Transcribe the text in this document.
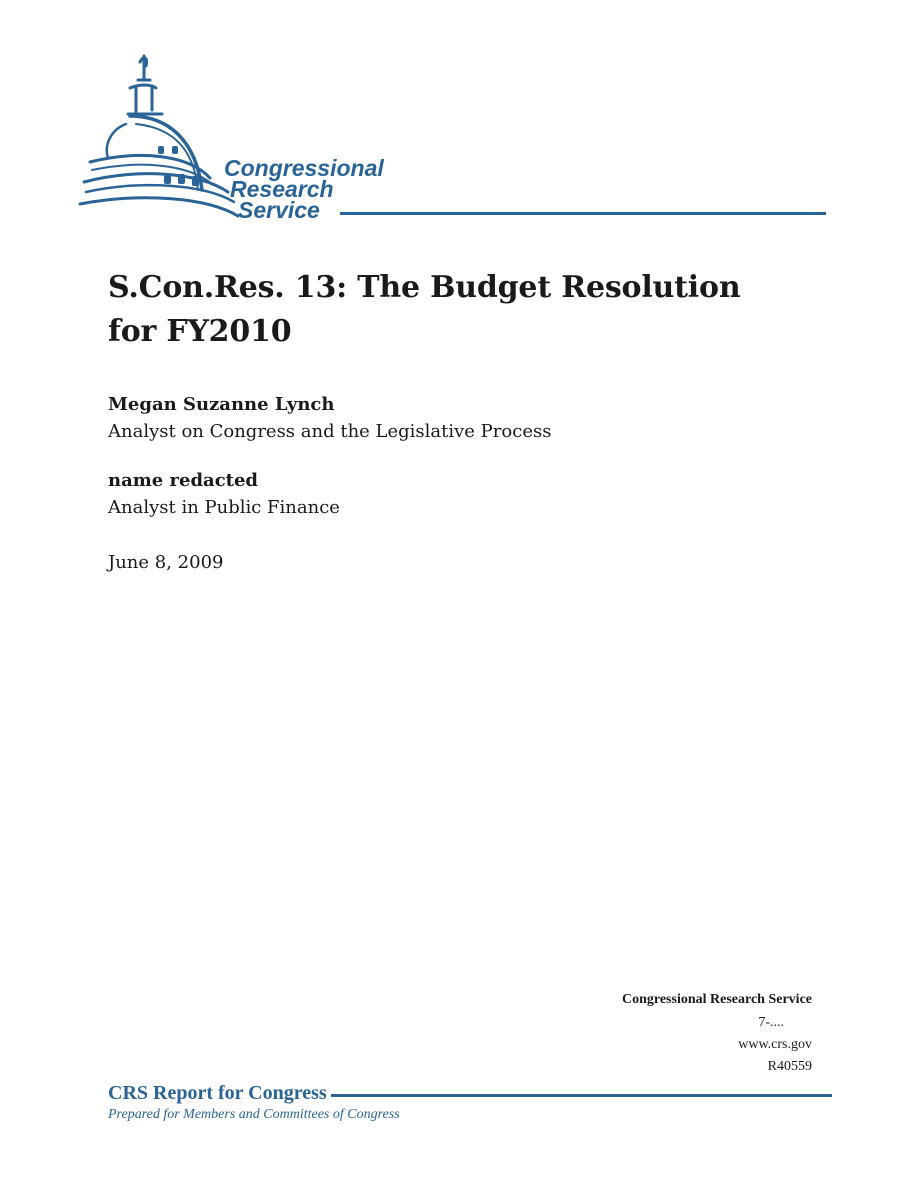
Congressional
Research
Service
S.Con.Res. 13: The Budget Resolution
for FY2010
Megan Suzanne Lynch
Analyst on Congress and the Legislative Process
name redacted
Analyst in Public Finance
June 8, 2009
Congressional Research Service
7-....
www.crs.gov
R40559
CRS Report for Congress
Prepared for Members and Committees of Congress
